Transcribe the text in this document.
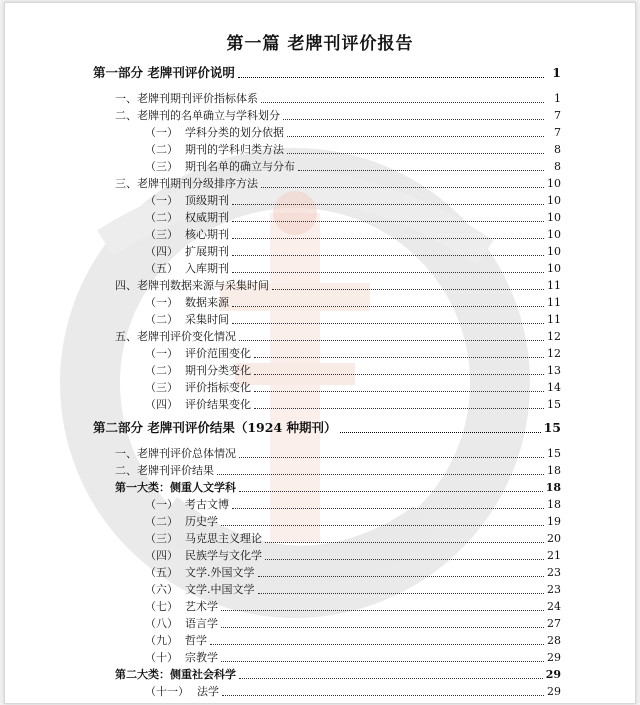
第一篇 老牌刊评价报告
第一部分 老牌刊评价说明	1
一、老牌刊期刊评价指标体系	1
二、老牌刊的名单确立与学科划分	7
（一） 学科分类的划分依据	7
（二） 期刊的学科归类方法	8
（三） 期刊名单的确立与分布	8
三、老牌刊期刊分级排序方法	10
（一） 顶级期刊	10
（二） 权威期刊	10
（三） 核心期刊	10
（四） 扩展期刊	10
（五） 入库期刊	10
四、老牌刊数据来源与采集时间	11
（一） 数据来源	11
（二） 采集时间	11
五、老牌刊评价变化情况	12
（一） 评价范围变化	12
（二） 期刊分类变化	13
（三） 评价指标变化	14
（四） 评价结果变化	15
第二部分 老牌刊评价结果（1924 种期刊）	15
一、老牌刊评价总体情况	15
二、老牌刊评价结果	18
第一大类：侧重人文学科	18
（一） 考古文博	18
（二） 历史学	19
（三） 马克思主义理论	20
（四） 民族学与文化学	21
（五） 文学.外国文学	23
（六） 文学.中国文学	23
（七） 艺术学	24
（八） 语言学	27
（九） 哲学	28
（十） 宗教学	29
第二大类：侧重社会科学	29
（十一） 法学	29
